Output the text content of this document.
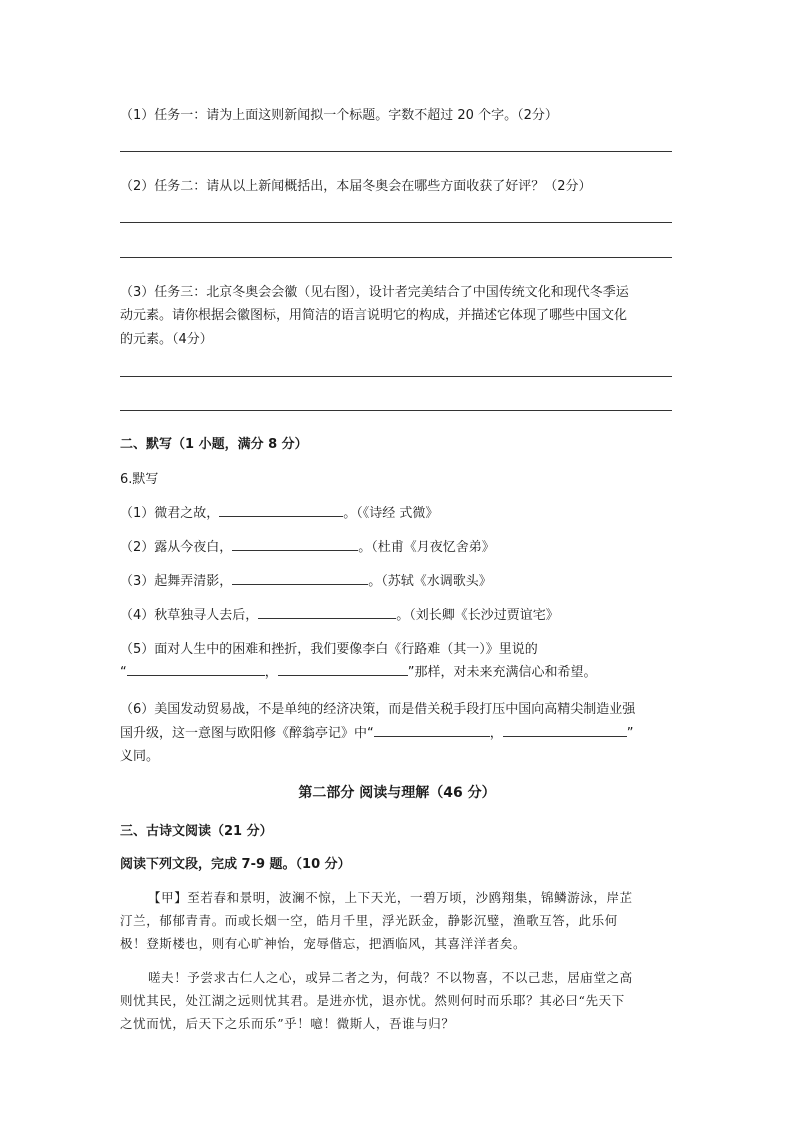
（1）任务一：请为上面这则新闻拟一个标题。字数不超过 20 个字。（2分）
（2）任务二：请从以上新闻概括出，本届冬奥会在哪些方面收获了好评？（2分）
（3）任务三：北京冬奥会会徽（见右图），设计者完美结合了中国传统文化和现代冬季运
动元素。请你根据会徽图标，用简洁的语言说明它的构成，并描述它体现了哪些中国文化
的元素。（4分）
二、默写（1 小题，满分 8 分）
6.默写
（1）微君之故，	。（《诗经 式微》
（2）露从今夜白，	。（杜甫《月夜忆舍弟》
（3）起舞弄清影，	。（苏轼《水调歌头》
（4）秋草独寻人去后，	。（刘长卿《长沙过贾谊宅》
（5）面对人生中的困难和挫折，我们要像李白《行路难（其一）》里说的
“	，	”那样，对未来充满信心和希望。
（6）美国发动贸易战，不是单纯的经济决策，而是借关税手段打压中国向高精尖制造业强
国升级，这一意图与欧阳修《醉翁亭记》中“	，	”
义同。
第二部分 阅读与理解（46 分）
三、古诗文阅读（21 分）
阅读下列文段，完成 7-9 题。（10 分）
【甲】至若春和景明，波澜不惊，上下天光，一碧万顷，沙鸥翔集，锦鳞游泳，岸芷
汀兰，郁郁青青。而或长烟一空，皓月千里，浮光跃金，静影沉璧，渔歌互答，此乐何
极！登斯楼也，则有心旷神怡，宠辱偕忘，把酒临风，其喜洋洋者矣。
嗟夫！予尝求古仁人之心，或异二者之为，何哉？不以物喜，不以己悲，居庙堂之高
则忧其民，处江湖之远则忧其君。是进亦忧，退亦忧。然则何时而乐耶？其必曰“先天下
之忧而忧，后天下之乐而乐”乎！噫！微斯人，吾谁与归？
